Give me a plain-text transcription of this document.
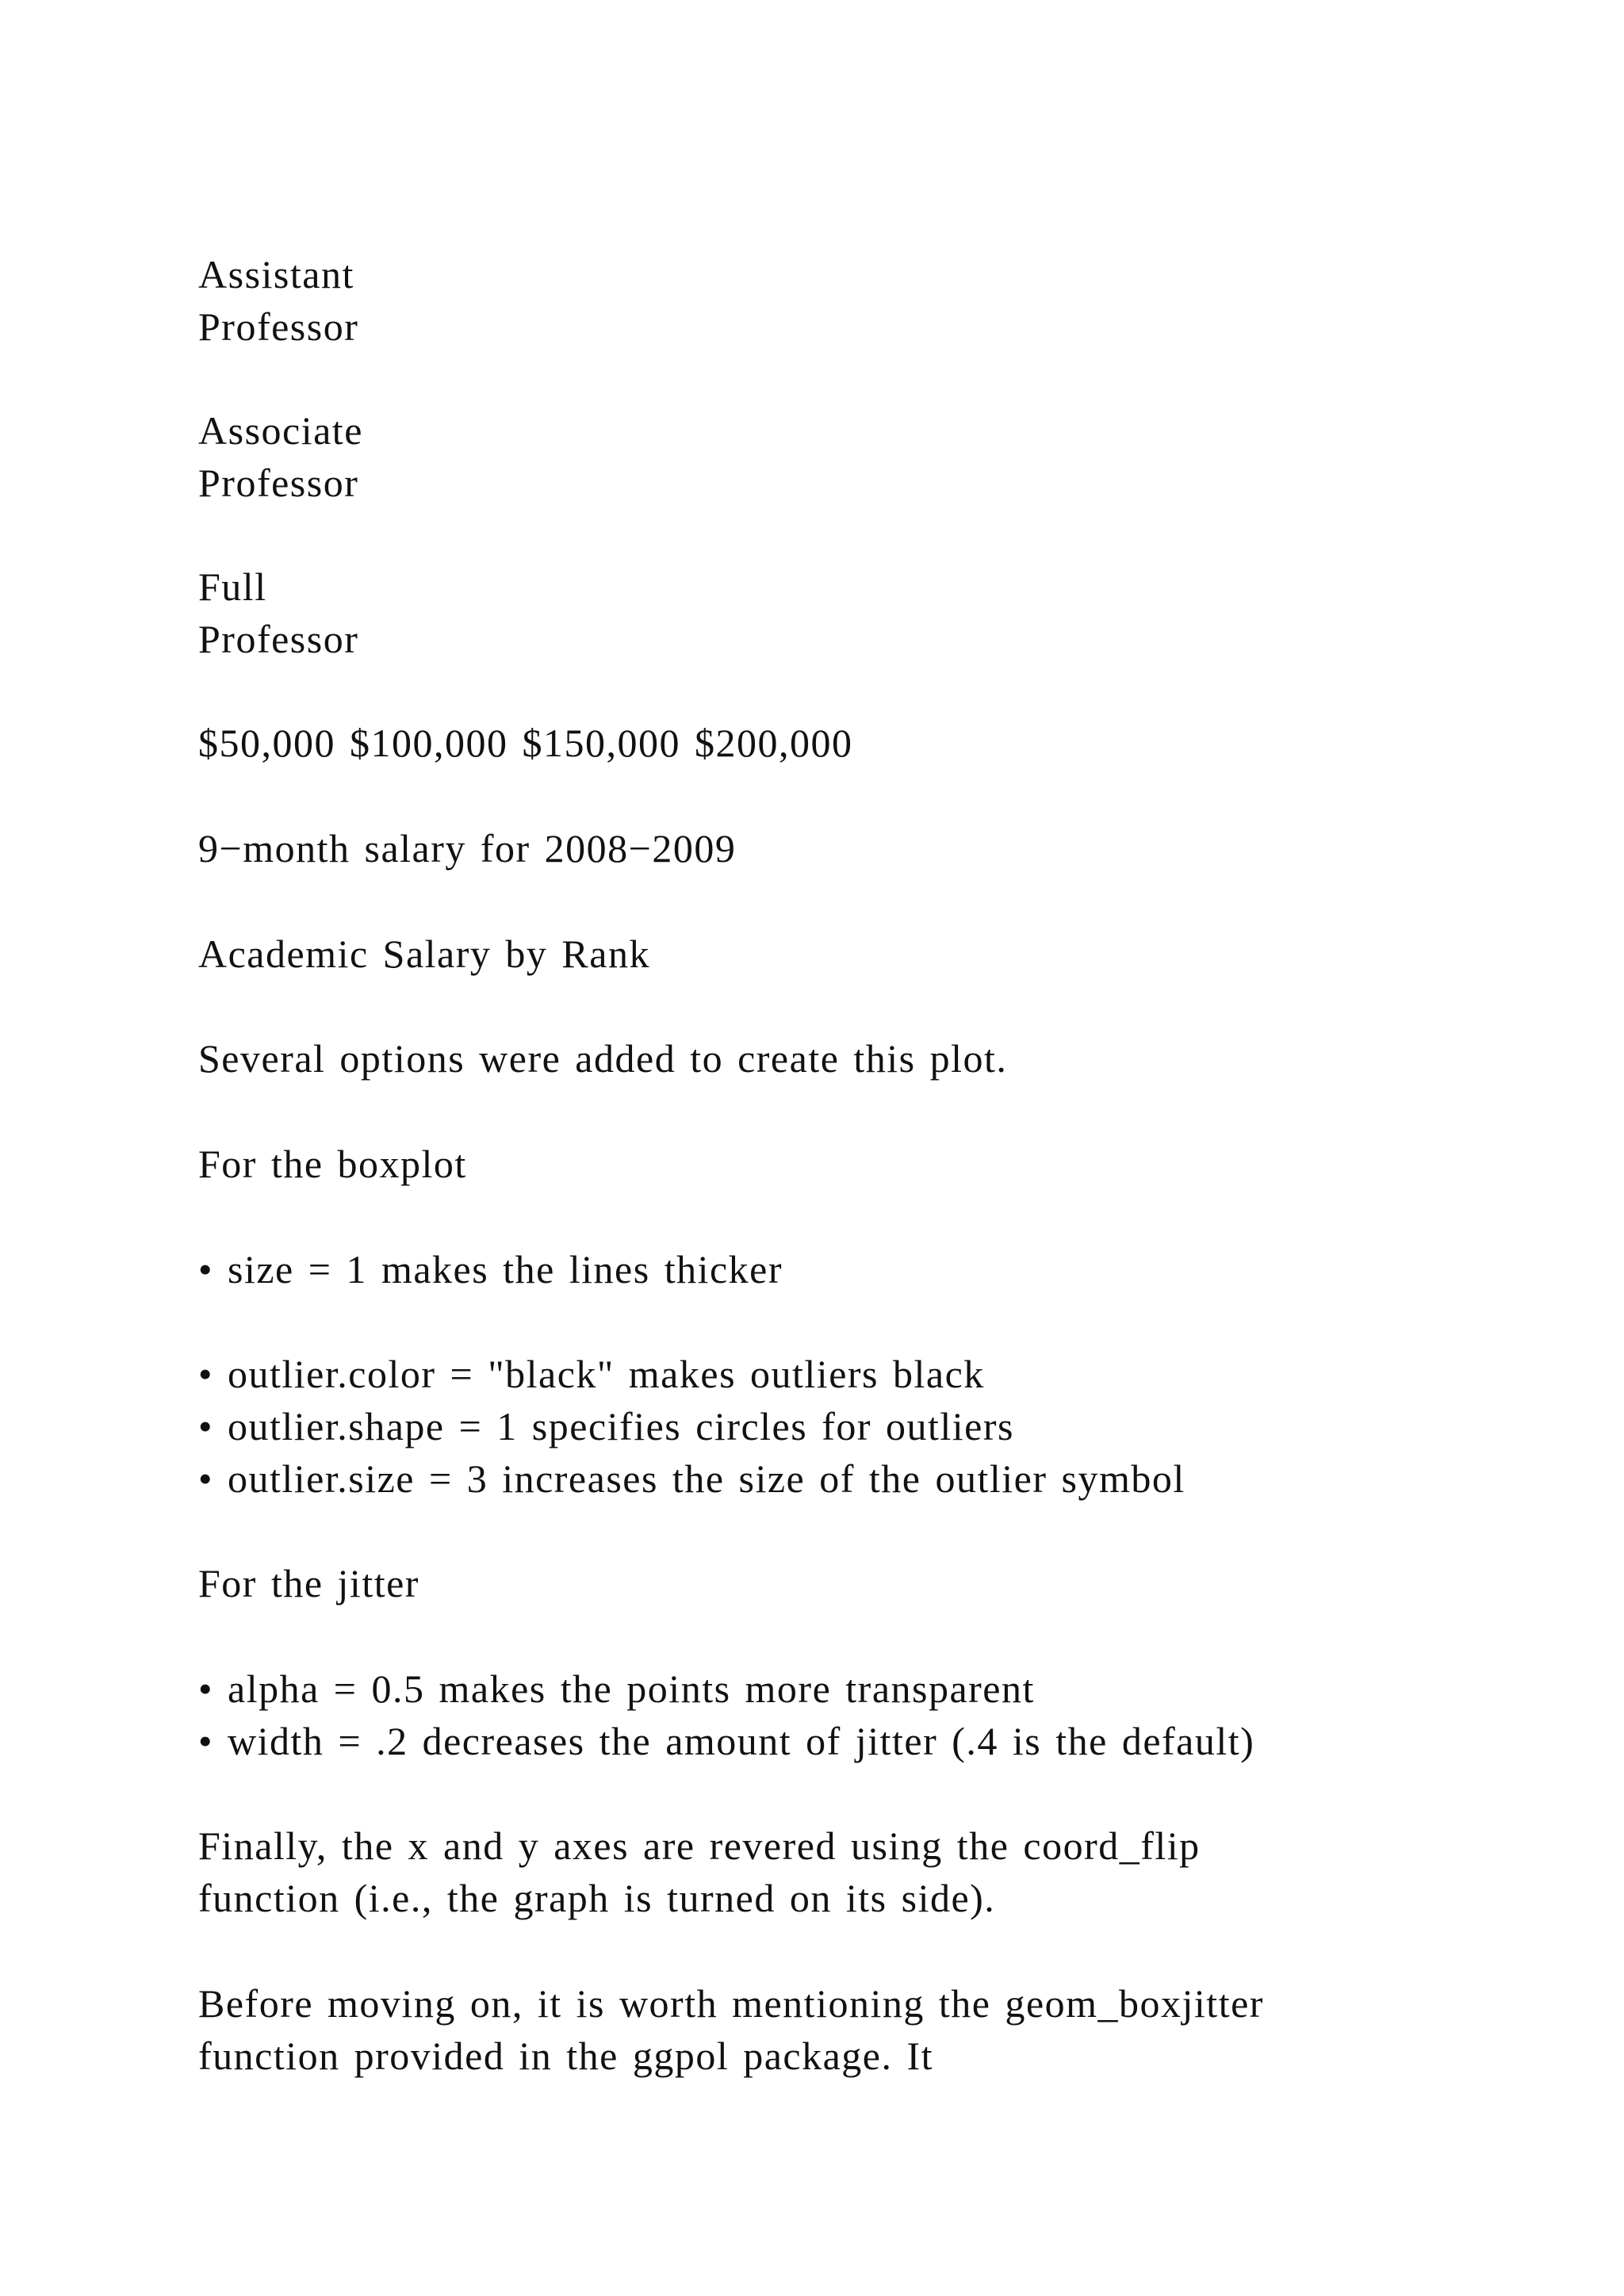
Assistant
Professor

Associate
Professor

Full
Professor

$50,000 $100,000 $150,000 $200,000

9−month salary for 2008−2009

Academic Salary by Rank

Several options were added to create this plot.

For the boxplot

• size = 1 makes the lines thicker

• outlier.color = "black" makes outliers black
• outlier.shape = 1 specifies circles for outliers
• outlier.size = 3 increases the size of the outlier symbol

For the jitter

• alpha = 0.5 makes the points more transparent
• width = .2 decreases the amount of jitter (.4 is the default)

Finally, the x and y axes are revered using the coord_flip
function (i.e., the graph is turned on its side).

Before moving on, it is worth mentioning the geom_boxjitter
function provided in the ggpol package. It
